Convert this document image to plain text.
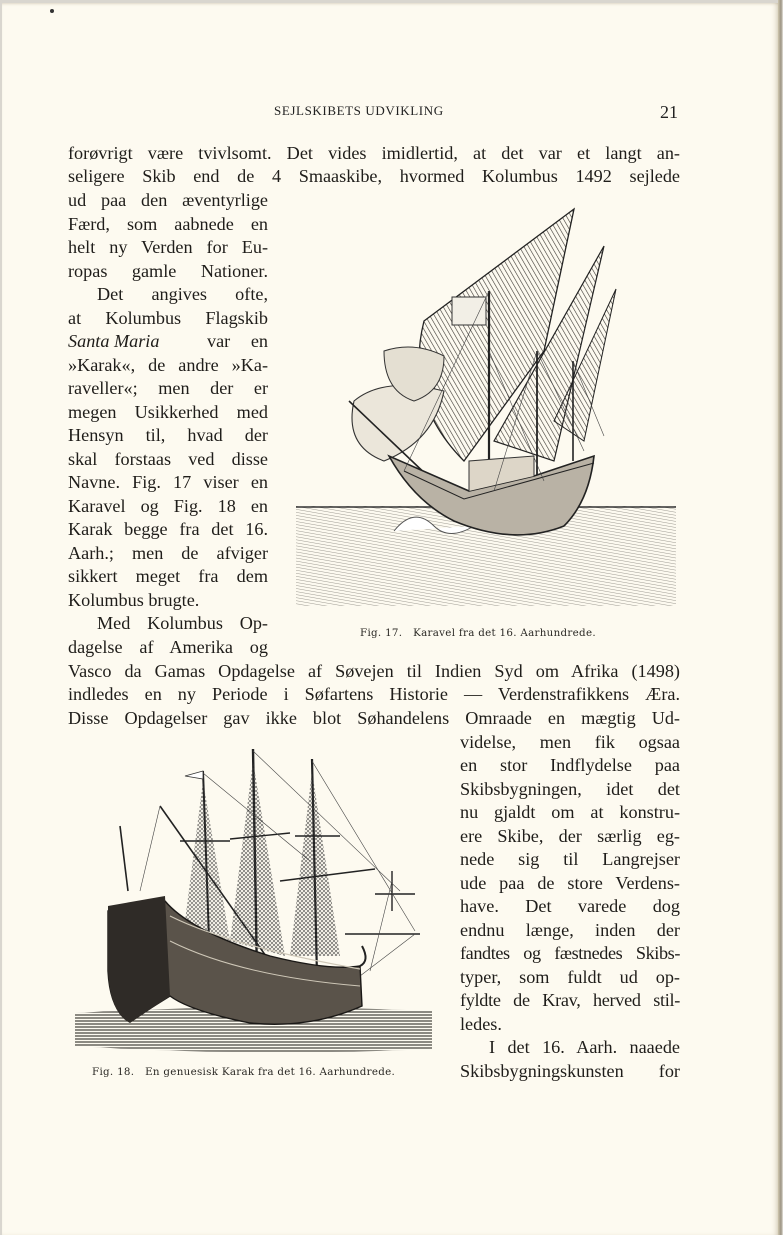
SEJLSKIBETS UDVIKLING	21
forøvrigt være tvivlsomt. Det vides imidlertid, at det var et langt an-
seligere Skib end de 4 Smaaskibe, hvormed Kolumbus 1492 sejlede
ud paa den æventyrlige
Færd, som aabnede en
helt ny Verden for Eu-
ropas gamle Nationer.
Det angives ofte,
at Kolumbus Flagskib
Santa Maria	var en
»Karak«, de andre »Ka-
raveller«; men der er
megen Usikkerhed med
Hensyn til, hvad der
skal forstaas ved disse
Navne. Fig. 17 viser en
Karavel og Fig. 18 en
Karak begge fra det 16.
Aarh.; men de afviger
sikkert meget fra dem
Kolumbus brugte.
Med Kolumbus Op-
dagelse af Amerika og
Fig. 17. Karavel fra det 16. Aarhundrede.
Vasco da Gamas Opdagelse af Søvejen til Indien Syd om Afrika (1498)
indledes en ny Periode i Søfartens Historie — Verdenstrafikkens Æra.
Disse Opdagelser gav ikke blot Søhandelens Omraade en mægtig Ud-
Fig. 18. En genuesisk Karak fra det 16. Aarhundrede.
videlse, men fik ogsaa
en stor Indflydelse paa
Skibsbygningen, idet det
nu gjaldt om at konstru-
ere Skibe, der særlig eg-
nede sig til Langrejser
ude paa de store Verdens-
have. Det varede dog
endnu længe, inden der
fandtes og fæstnedes Skibs-
typer, som fuldt ud op-
fyldte de Krav, herved stil-
ledes.
I det 16. Aarh. naaede
Skibsbygningskunsten for
